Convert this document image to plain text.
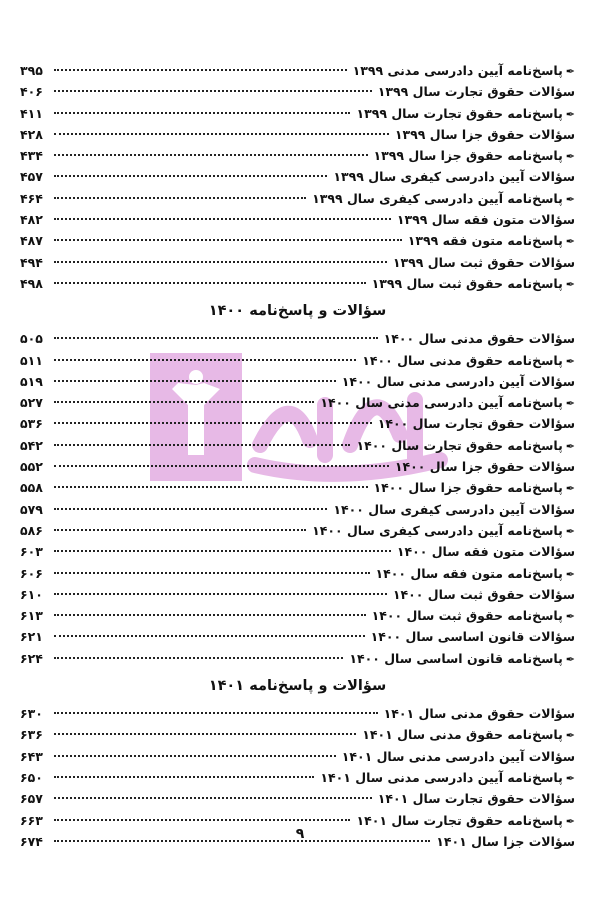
✒پاسخ‌نامه آیین دادرسی مدنی ۱۳۹۹
۳۹۵
سؤالات حقوق تجارت سال ۱۳۹۹
۴۰۶
✒پاسخ‌نامه حقوق تجارت سال ۱۳۹۹
۴۱۱
سؤالات حقوق جزا سال ۱۳۹۹
۴۲۸
✒پاسخ‌نامه حقوق جزا سال ۱۳۹۹
۴۳۴
سؤالات آیین دادرسی کیفری سال ۱۳۹۹
۴۵۷
✒پاسخ‌نامه آیین دادرسی کیفری سال ۱۳۹۹
۴۶۴
سؤالات متون فقه سال ۱۳۹۹
۴۸۲
✒پاسخ‌نامه متون فقه ۱۳۹۹
۴۸۷
سؤالات حقوق ثبت سال ۱۳۹۹
۴۹۴
✒پاسخ‌نامه حقوق ثبت سال ۱۳۹۹
۴۹۸
سؤالات و پاسخ‌نامه ۱۴۰۰
سؤالات حقوق مدنی سال ۱۴۰۰
۵۰۵
✒پاسخ‌نامه حقوق مدنی سال ۱۴۰۰
۵۱۱
سؤالات آیین دادرسی مدنی سال ۱۴۰۰
۵۱۹
✒پاسخ‌نامه آیین دادرسی مدنی سال ۱۴۰۰
۵۲۷
سؤالات حقوق تجارت سال ۱۴۰۰
۵۳۶
✒پاسخ‌نامه حقوق تجارت سال ۱۴۰۰
۵۴۲
سؤالات حقوق جزا سال ۱۴۰۰
۵۵۲
✒پاسخ‌نامه حقوق جزا سال ۱۴۰۰
۵۵۸
سؤالات آیین دادرسی کیفری سال ۱۴۰۰
۵۷۹
✒پاسخ‌نامه آیین دادرسی کیفری سال ۱۴۰۰
۵۸۶
سؤالات متون فقه سال ۱۴۰۰
۶۰۳
✒پاسخ‌نامه متون فقه سال ۱۴۰۰
۶۰۶
سؤالات حقوق ثبت سال ۱۴۰۰
۶۱۰
✒پاسخ‌نامه حقوق ثبت سال ۱۴۰۰
۶۱۳
سؤالات قانون اساسی سال ۱۴۰۰
۶۲۱
✒پاسخ‌نامه قانون اساسی سال ۱۴۰۰
۶۲۴
سؤالات و پاسخ‌نامه ۱۴۰۱
سؤالات حقوق مدنی سال ۱۴۰۱
۶۳۰
✒پاسخ‌نامه حقوق مدنی سال ۱۴۰۱
۶۳۶
سؤالات آیین دادرسی مدنی سال ۱۴۰۱
۶۴۳
✒پاسخ‌نامه آیین دادرسی مدنی سال ۱۴۰۱
۶۵۰
سؤالات حقوق تجارت سال ۱۴۰۱
۶۵۷
✒پاسخ‌نامه حقوق تجارت سال ۱۴۰۱
۶۶۳
سؤالات جزا سال ۱۴۰۱
۶۷۴	۹
